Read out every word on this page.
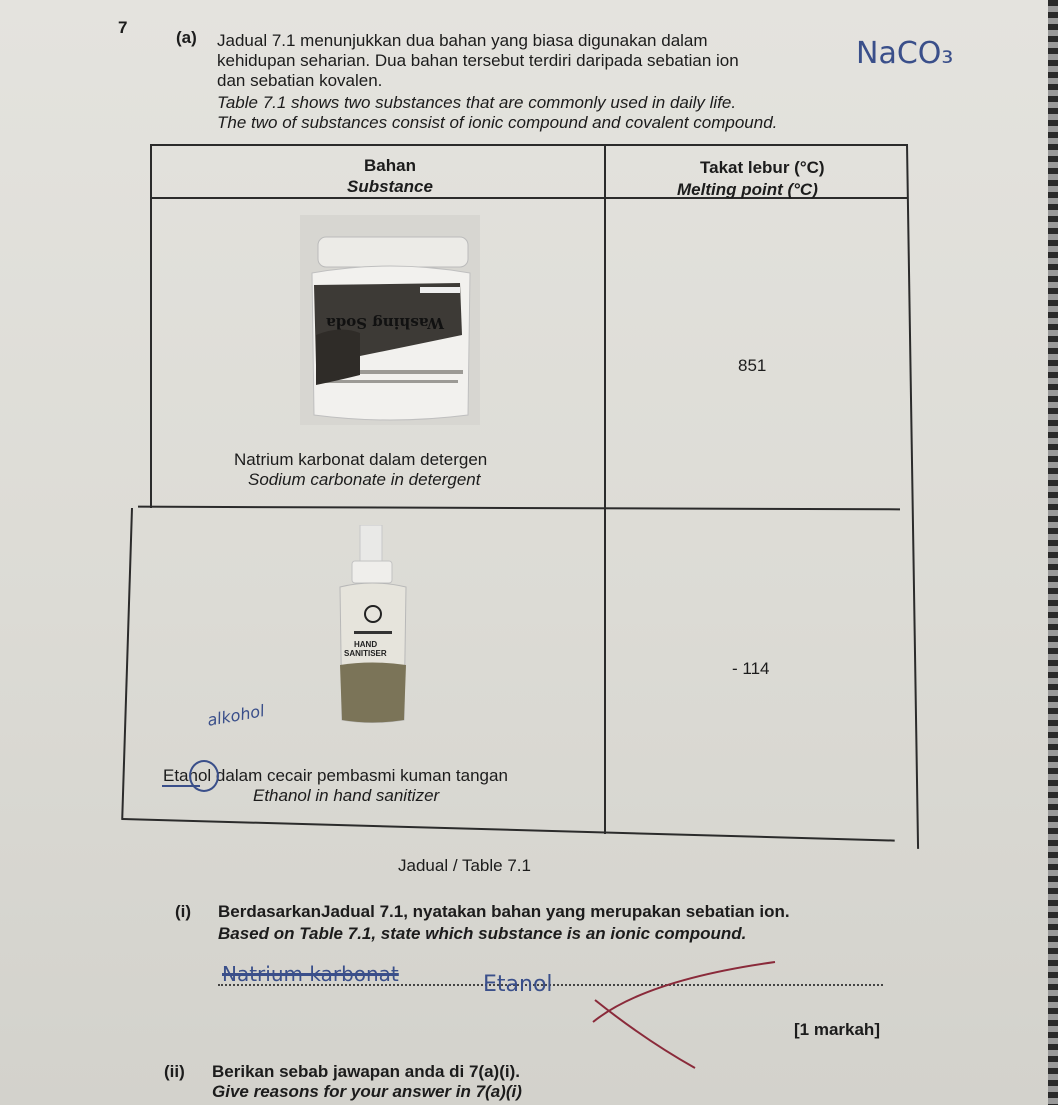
7
(a) Jadual 7.1 menunjukkan dua bahan yang biasa digunakan dalam
kehidupan seharian. Dua bahan tersebut terdiri daripada sebatian ion
dan sebatian kovalen.
Table 7.1 shows two substances that are commonly used in daily life.
The two of substances consist of ionic compound and covalent compound.
NaCO₃
Bahan
Substance
Takat lebur (°C)
Melting point (°C)
Washing Soda
851
Natrium karbonat dalam detergen
Sodium carbonate in detergent
HAND
SANITISER
alkohol
- 114
Etanol dalam cecair pembasmi kuman tangan
Ethanol in hand sanitizer
Jadual / Table 7.1
(i) BerdasarkanJadual 7.1, nyatakan bahan yang merupakan sebatian ion.
Based on Table 7.1, state which substance is an ionic compound.
Natrium karbonat	Etanol
[1 markah]
(ii) Berikan sebab jawapan anda di 7(a)(i).
Give reasons for your answer in 7(a)(i)
